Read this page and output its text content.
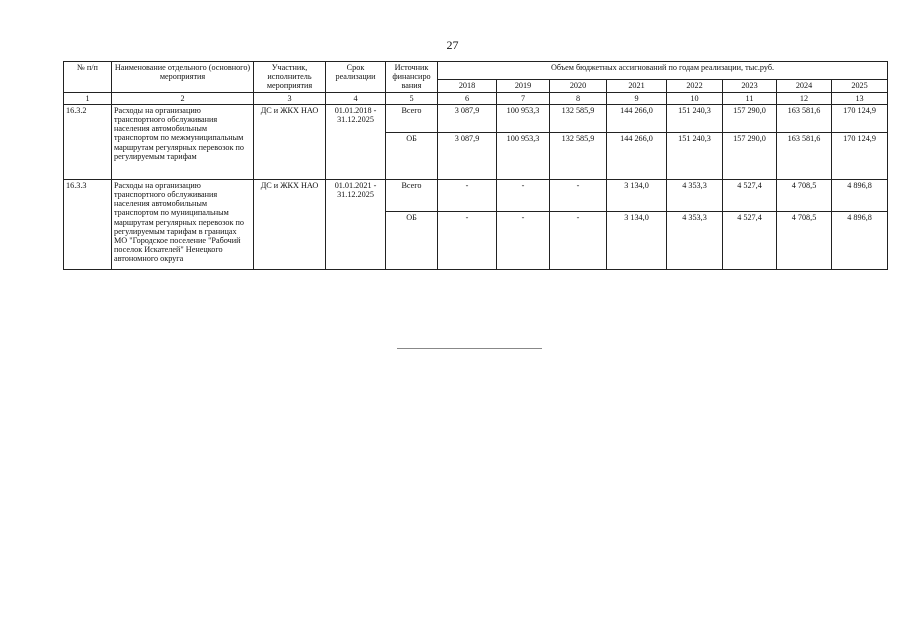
27
№ п/п	Наименование отдельного (основного) мероприятия	Участник, исполнитель мероприятия	Срок реализации	Источник финансиро вания	Объем бюджетных ассигнований по годам реализации, тыс.руб.							
					2018	2019	2020	2021	2022	2023	2024	2025
1	2	3	4	5	6	7	8	9	10	11	12	13
16.3.2	Расходы на организацию транспортного обслуживания населения автомобильным транспортом по межмуниципальным маршрутам регулярных перевозок по регулируемым тарифам	ДС и ЖКХ НАО	01.01.2018 - 31.12.2025	Всего	3 087,9	100 953,3	132 585,9	144 266,0	151 240,3	157 290,0	163 581,6	170 124,9
				ОБ	3 087,9	100 953,3	132 585,9	144 266,0	151 240,3	157 290,0	163 581,6	170 124,9
16.3.3	Расходы на организацию транспортного обслуживания населения автомобильным транспортом по муниципальным маршрутам регулярных перевозок по регулируемым тарифам в границах МО "Городское поселение "Рабочий поселок Искателей" Ненецкого автономного округа	ДС и ЖКХ НАО	01.01.2021 - 31.12.2025	Всего	-	-	-	3 134,0	4 353,3	4 527,4	4 708,5	4 896,8
				ОБ	-	-	-	3 134,0	4 353,3	4 527,4	4 708,5	4 896,8
